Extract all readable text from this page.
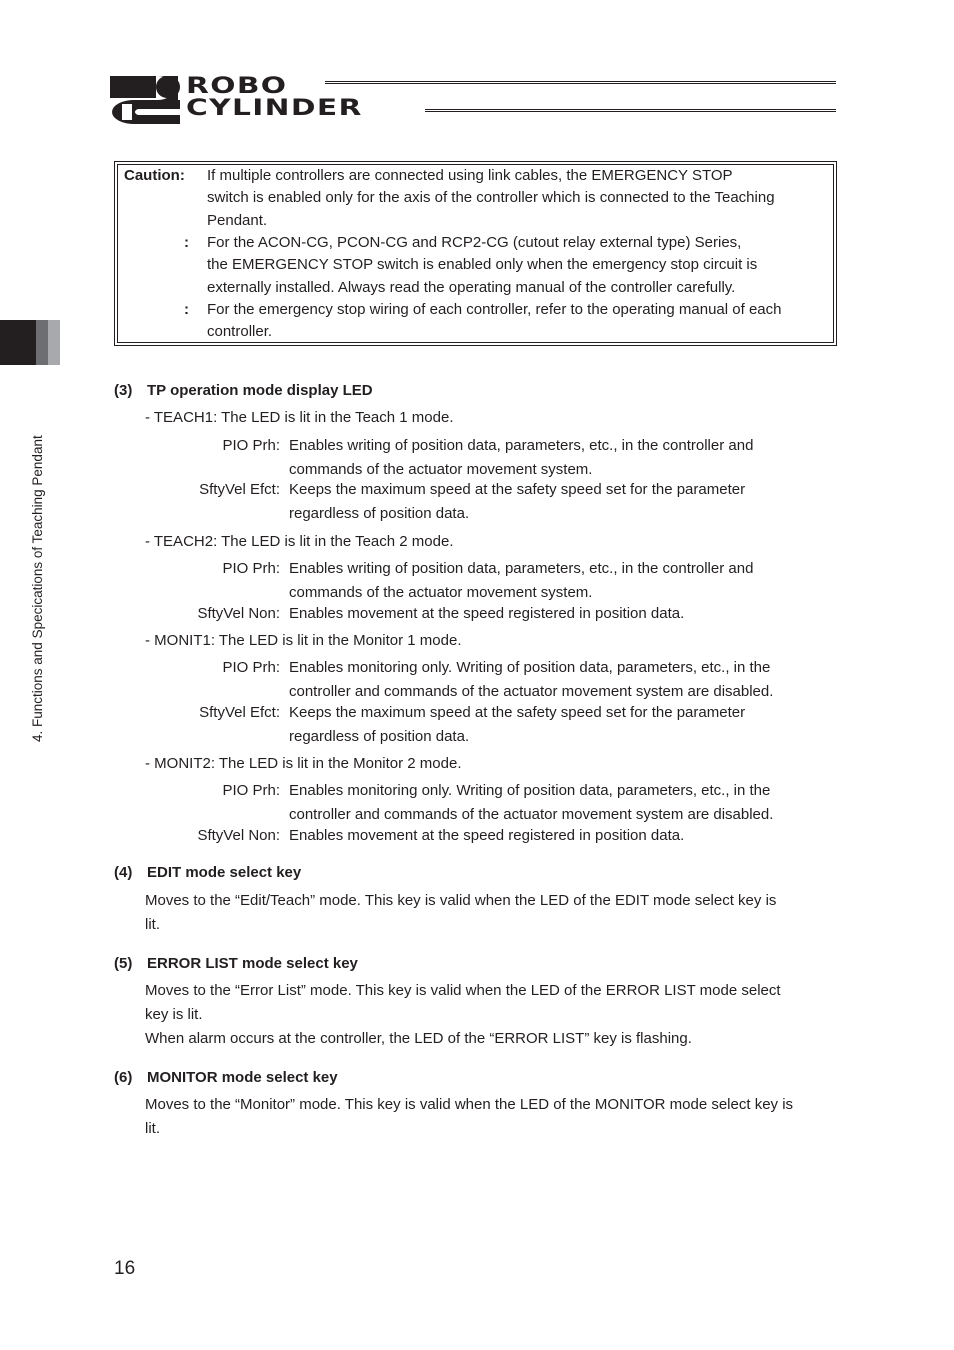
ROBO
CYLINDER
4. Functions and Specications of Teaching Pendant
Caution: If multiple controllers are connected using link cables, the EMERGENCY STOP
switch is enabled only for the axis of the controller which is connected to the Teaching
Pendant.
: For the ACON-CG, PCON-CG and RCP2-CG (cutout relay external type) Series,
the EMERGENCY STOP switch is enabled only when the emergency stop circuit is
externally installed. Always read the operating manual of the controller carefully.
: For the emergency stop wiring of each controller, refer to the operating manual of each
controller.
(3) TP operation mode display LED
- TEACH1: The LED is lit in the Teach 1 mode.
PIO Prh: Enables writing of position data, parameters, etc., in the controller and
commands of the actuator movement system.
SftyVel Efct: Keeps the maximum speed at the safety speed set for the parameter
regardless of position data.
- TEACH2: The LED is lit in the Teach 2 mode.
PIO Prh: Enables writing of position data, parameters, etc., in the controller and
commands of the actuator movement system.
SftyVel Non: Enables movement at the speed registered in position data.
- MONIT1: The LED is lit in the Monitor 1 mode.
PIO Prh: Enables monitoring only. Writing of position data, parameters, etc., in the
controller and commands of the actuator movement system are disabled.
SftyVel Efct: Keeps the maximum speed at the safety speed set for the parameter
regardless of position data.
- MONIT2: The LED is lit in the Monitor 2 mode.
PIO Prh: Enables monitoring only. Writing of position data, parameters, etc., in the
controller and commands of the actuator movement system are disabled.
SftyVel Non: Enables movement at the speed registered in position data.
(4) EDIT mode select key
Moves to the “Edit/Teach” mode. This key is valid when the LED of the EDIT mode select key is
lit.
(5) ERROR LIST mode select key
Moves to the “Error List” mode. This key is valid when the LED of the ERROR LIST mode select
key is lit.
When alarm occurs at the controller, the LED of the “ERROR LIST” key is flashing.
(6) MONITOR mode select key
Moves to the “Monitor” mode. This key is valid when the LED of the MONITOR mode select key is
lit.
16
